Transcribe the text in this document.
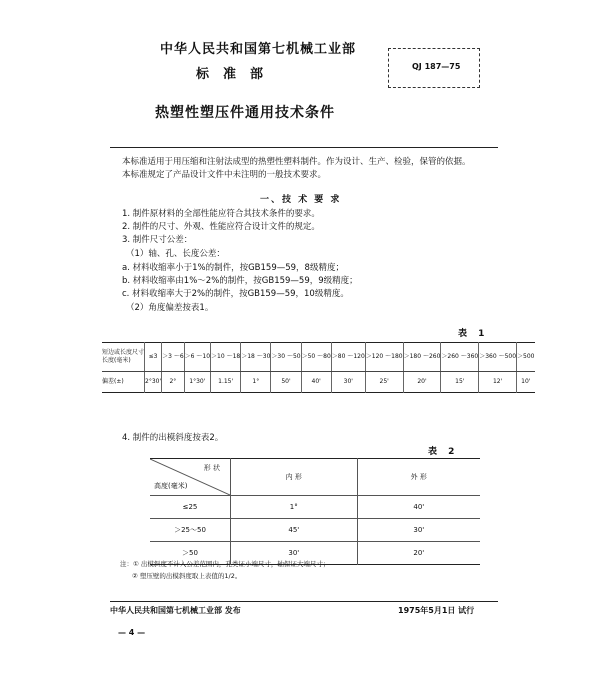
中华人民共和国第七机械工业部
标准部
QJ 187—75
热塑性塑压件通用技术条件
本标准适用于用压缩和注射法成型的热塑性塑料制件。作为设计、生产、检验，保管的依据。
本标准规定了产品设计文件中未注明的一般技术要求。
一、技 术 要 求
1. 制件原材料的全部性能应符合其技术条件的要求。
2. 制件的尺寸、外观、性能应符合设计文件的规定。
3. 制件尺寸公差：
（1）轴、孔、长度公差：
a. 材料收缩率小于1%的制件，按GB159—59，8级精度；
b. 材料收缩率由1%～2%的制件，按GB159—59，9级精度；
c. 材料收缩率大于2%的制件，按GB159—59，10级精度。
（2）角度偏差按表1。
表 1
短边或长度尺寸
长度(毫米)	≤3	＞3 ～6	＞6 ～10	＞10 ～18	＞18 ～30	＞30 ～50	＞50 ～80	＞80 ～120	＞120 ～180	＞180 ～260	＞260 ～360	＞360 ～500	＞500
偏差(±)	2°30'	2°	1°30'	1.15'	1°	50'	40'	30'	25'	20'	15'	12'	10'
4. 制件的出模斜度按表2。
表 2
形 状
高度(毫米)	内 形	外 形
≤25	1°	40'
＞25～50	45'	30'
＞50	30'	20'
注：① 出模斜度不计入公差范围内，孔类证小端尺寸，轴保证大端尺寸；
② 塑压壁的出模斜度取上表值的1/2。
中华人民共和国第七机械工业部 发布	1975年5月1日 试行
— 4 —
